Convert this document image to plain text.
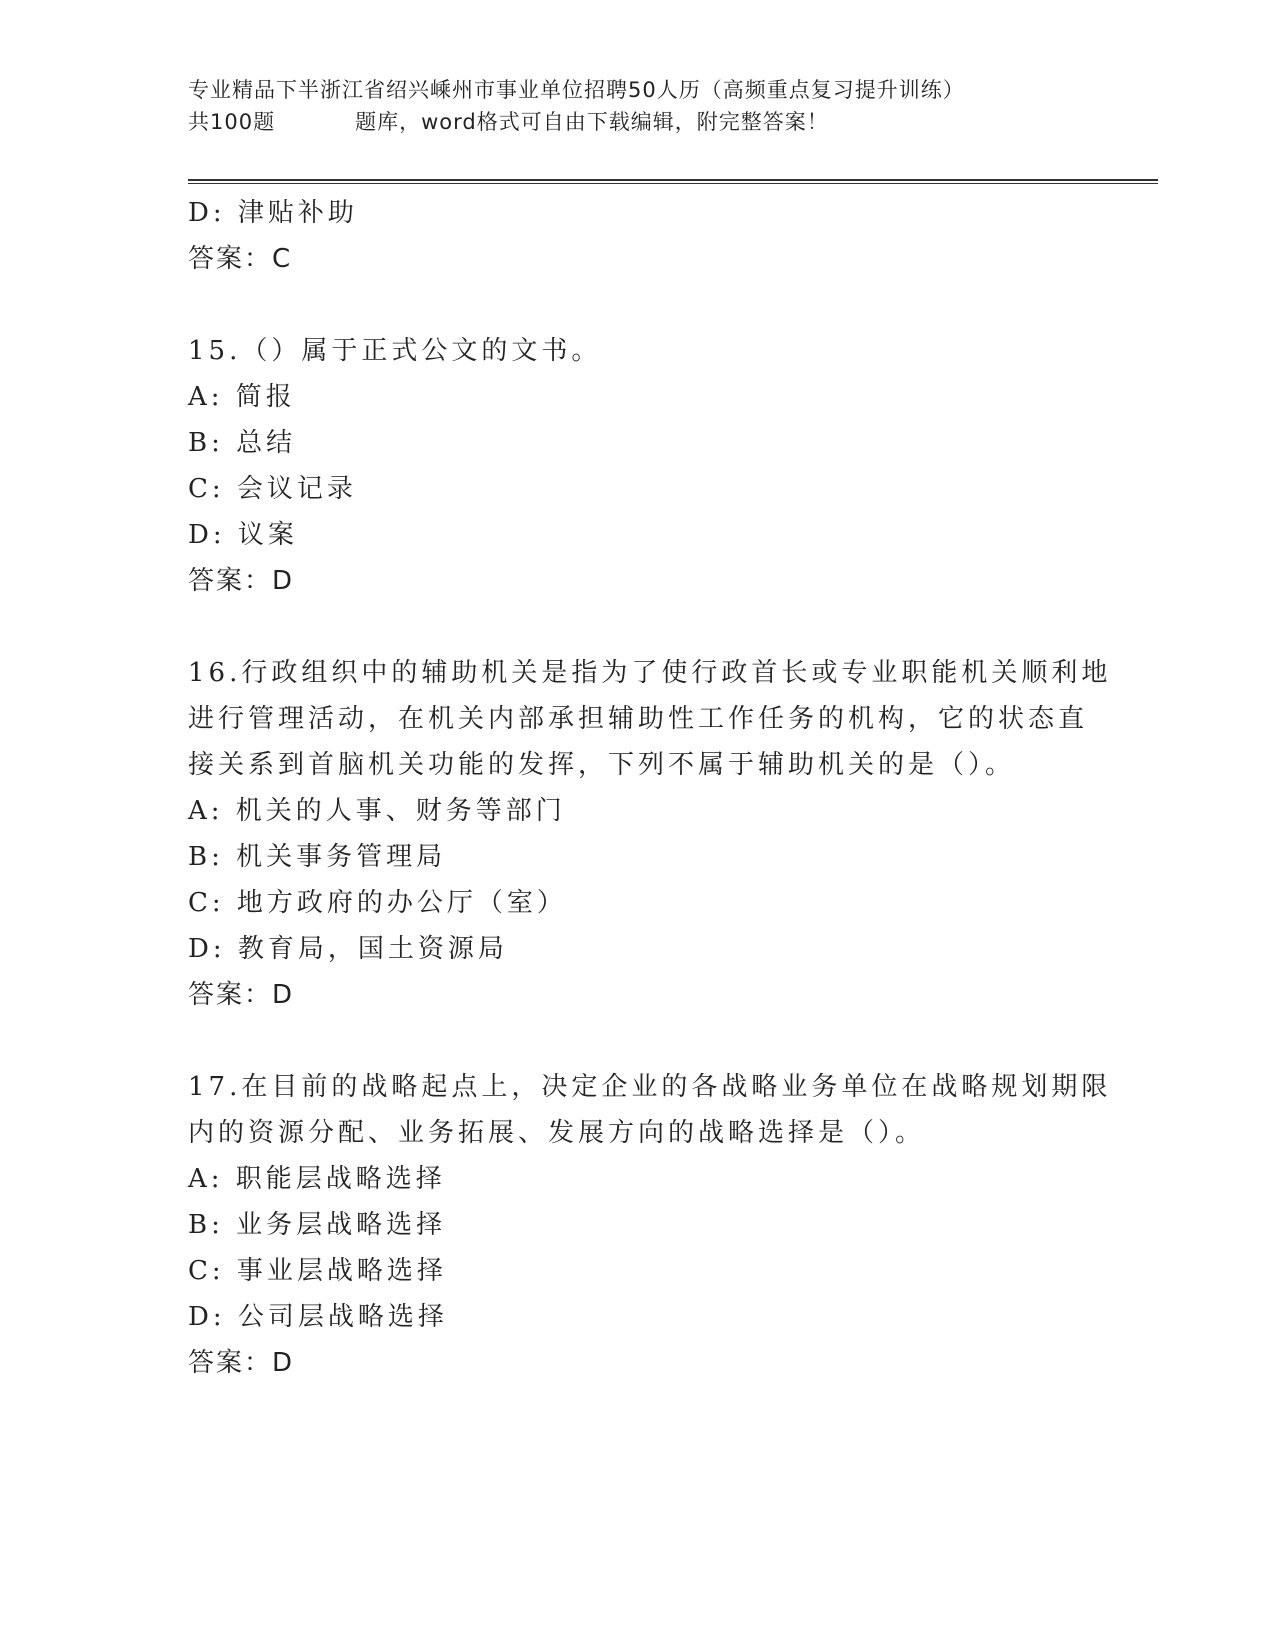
专业精品下半浙江省绍兴嵊州市事业单位招聘50人历（高频重点复习提升训练）
共100题	题库，word格式可自由下载编辑，附完整答案！
D: 津贴补助
答案：C
15.（）属于正式公文的文书。
A: 简报
B: 总结
C: 会议记录
D: 议案
答案：D
16.行政组织中的辅助机关是指为了使行政首长或专业职能机关顺利地
进行管理活动，在机关内部承担辅助性工作任务的机构，它的状态直
接关系到首脑机关功能的发挥，下列不属于辅助机关的是（）。
A: 机关的人事、财务等部门
B: 机关事务管理局
C: 地方政府的办公厅（室）
D: 教育局，国土资源局
答案：D
17.在目前的战略起点上，决定企业的各战略业务单位在战略规划期限
内的资源分配、业务拓展、发展方向的战略选择是（）。
A: 职能层战略选择
B: 业务层战略选择
C: 事业层战略选择
D: 公司层战略选择
答案：D
